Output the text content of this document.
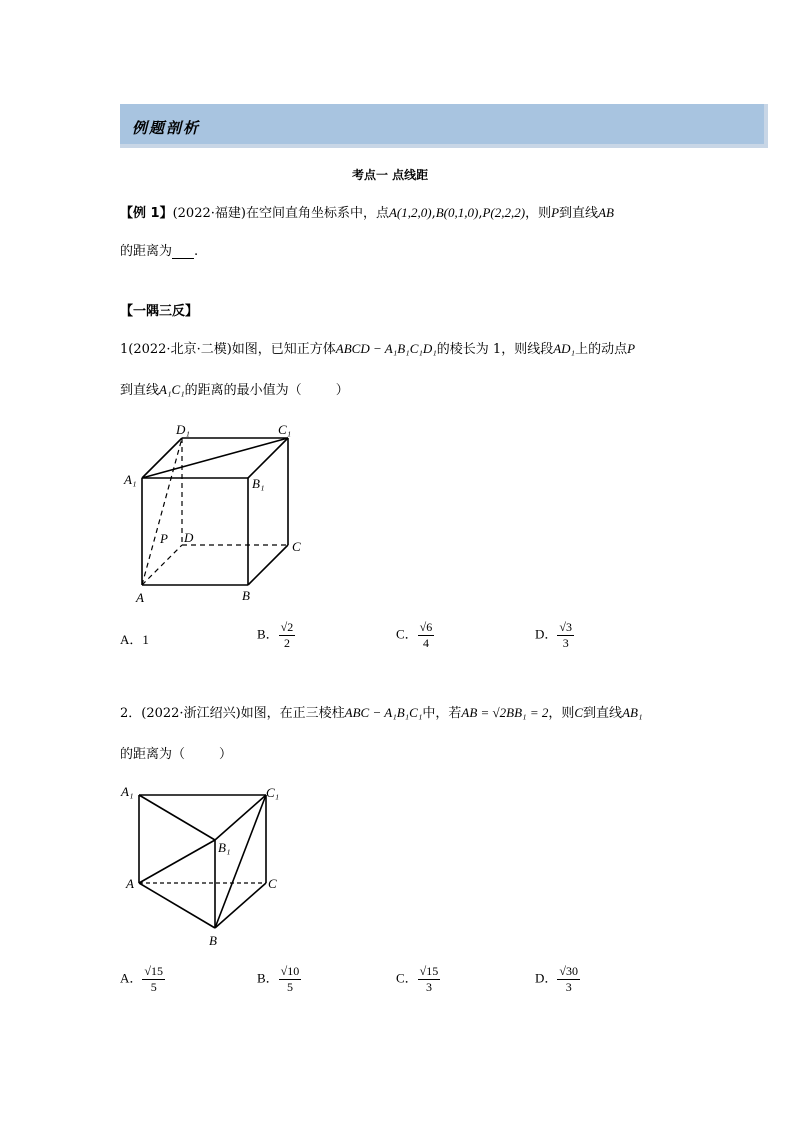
例题剖析
考点一 点线距
【例 1】(2022·福建)在空间直角坐标系中，点A(1,2,0),B(0,1,0),P(2,2,2)，则P到直线AB
的距离为 .
【一隅三反】
1(2022·北京·二模)如图，已知正方体ABCD − A₁B₁C₁D₁的棱长为 1，则线段AD₁上的动点P
到直线A₁C₁的距离的最小值为（	）
D₁	C₁
A₁	B₁
D
C
P
A	B
A．1	B． $\frac{√2}{2}$	C． $\frac{√6}{4}$	D． $\frac{√3}{3}$
2．(2022·浙江绍兴)如图，在正三棱柱ABC − A₁B₁C₁中，若AB = √2BB₁ = 2，则C到直线AB₁
的距离为（	）
A₁	C₁
B₁
A	C
B
A． $\frac{√15}{5}$	B． $\frac{√10}{5}$	C． $\frac{√15}{3}$	D． $\frac{√30}{3}$
